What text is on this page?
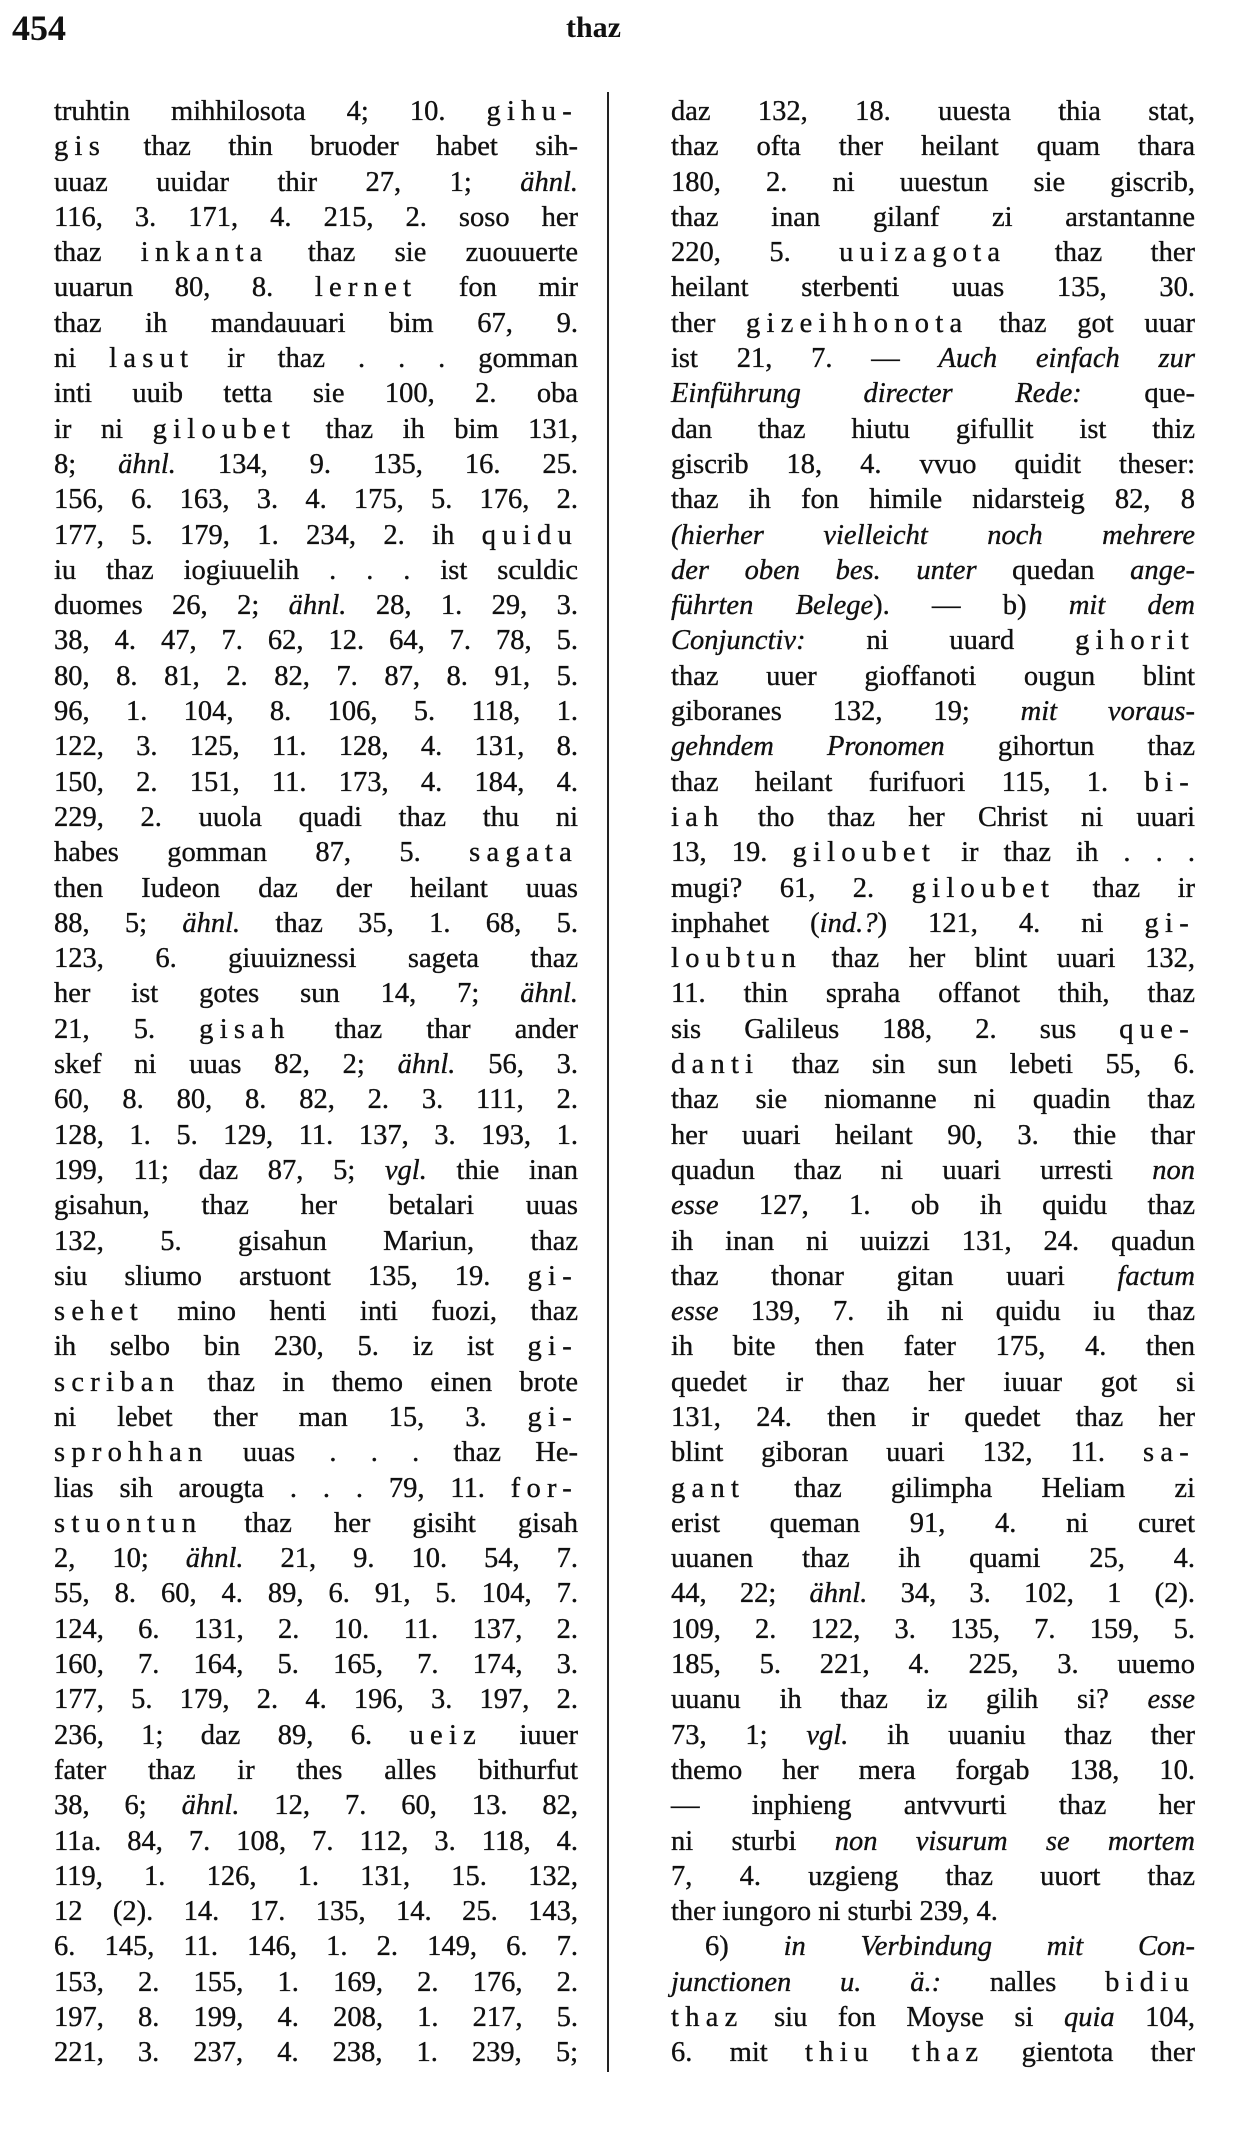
454	thaz
truhtin mihhilosota 4; 10. gihu-
gis thaz thin bruoder habet sih-
uuaz uuidar thir 27, 1; ähnl.
116, 3. 171, 4. 215, 2. soso her
thaz inkanta thaz sie zuouuerte
uuarun 80, 8. lernet fon mir
thaz ih mandauuari bim 67, 9.
ni lasut ir thaz . . . gomman
inti uuib tetta sie 100, 2. oba
ir ni giloubet thaz ih bim 131,
8; ähnl. 134, 9. 135, 16. 25.
156, 6. 163, 3. 4. 175, 5. 176, 2.
177, 5. 179, 1. 234, 2. ih quidu
iu thaz iogiuuelih . . . ist sculdic
duomes 26, 2; ähnl. 28, 1. 29, 3.
38, 4. 47, 7. 62, 12. 64, 7. 78, 5.
80, 8. 81, 2. 82, 7. 87, 8. 91, 5.
96, 1. 104, 8. 106, 5. 118, 1.
122, 3. 125, 11. 128, 4. 131, 8.
150, 2. 151, 11. 173, 4. 184, 4.
229, 2. uuola quadi thaz thu ni
habes gomman 87, 5. sagata
then Iudeon daz der heilant uuas
88, 5; ähnl. thaz 35, 1. 68, 5.
123, 6. giuuiznessi sageta thaz
her ist gotes sun 14, 7; ähnl.
21, 5. gisah thaz thar ander
skef ni uuas 82, 2; ähnl. 56, 3.
60, 8. 80, 8. 82, 2. 3. 111, 2.
128, 1. 5. 129, 11. 137, 3. 193, 1.
199, 11; daz 87, 5; vgl. thie inan
gisahun, thaz her betalari uuas
132, 5. gisahun Mariun, thaz
siu sliumo arstuont 135, 19. gi-
sehet mino henti inti fuozi, thaz
ih selbo bin 230, 5. iz ist gi-
scriban thaz in themo einen brote
ni lebet ther man 15, 3. gi-
sprohhan uuas . . . thaz He-
lias sih arougta . . . 79, 11. for-
stuontun thaz her gisiht gisah
2, 10; ähnl. 21, 9. 10. 54, 7.
55, 8. 60, 4. 89, 6. 91, 5. 104, 7.
124, 6. 131, 2. 10. 11. 137, 2.
160, 7. 164, 5. 165, 7. 174, 3.
177, 5. 179, 2. 4. 196, 3. 197, 2.
236, 1; daz 89, 6. ueiz iuuer
fater thaz ir thes alles bithurfut
38, 6; ähnl. 12, 7. 60, 13. 82,
11a. 84, 7. 108, 7. 112, 3. 118, 4.
119, 1. 126, 1. 131, 15. 132,
12 (2). 14. 17. 135, 14. 25. 143,
6. 145, 11. 146, 1. 2. 149, 6. 7.
153, 2. 155, 1. 169, 2. 176, 2.
197, 8. 199, 4. 208, 1. 217, 5.
221, 3. 237, 4. 238, 1. 239, 5;
daz 132, 18. uuesta thia stat,
thaz ofta ther heilant quam thara
180, 2. ni uuestun sie giscrib,
thaz inan gilanf zi arstantanne
220, 5. uuizagota thaz ther
heilant sterbenti uuas 135, 30.
ther gizeihhonota thaz got uuar
ist 21, 7. — Auch einfach zur
Einführung directer Rede: que-
dan thaz hiutu gifullit ist thiz
giscrib 18, 4. vvuo quidit theser:
thaz ih fon himile nidarsteig 82, 8
(hierher vielleicht noch mehrere
der oben bes. unter quedan ange-
führten Belege). — b) mit dem
Conjunctiv: ni uuard gihorit
thaz uuer gioffanoti ougun blint
giboranes 132, 19; mit voraus-
gehndem Pronomen gihortun thaz
thaz heilant furifuori 115, 1. bi-
iah tho thaz her Christ ni uuari
13, 19. giloubet ir thaz ih . . .
mugi? 61, 2. giloubet thaz ir
inphahet (ind.?) 121, 4. ni gi-
loubtun thaz her blint uuari 132,
11. thin spraha offanot thih, thaz
sis Galileus 188, 2. sus que-
danti thaz sin sun lebeti 55, 6.
thaz sie niomanne ni quadin thaz
her uuari heilant 90, 3. thie thar
quadun thaz ni uuari urresti non
esse 127, 1. ob ih quidu thaz
ih inan ni uuizzi 131, 24. quadun
thaz thonar gitan uuari factum
esse 139, 7. ih ni quidu iu thaz
ih bite then fater 175, 4. then
quedet ir thaz her iuuar got si
131, 24. then ir quedet thaz her
blint giboran uuari 132, 11. sa-
gant thaz gilimpha Heliam zi
erist queman 91, 4. ni curet
uuanen thaz ih quami 25, 4.
44, 22; ähnl. 34, 3. 102, 1 (2).
109, 2. 122, 3. 135, 7. 159, 5.
185, 5. 221, 4. 225, 3. uuemo
uuanu ih thaz iz gilih si? esse
73, 1; vgl. ih uuaniu thaz ther
themo her mera forgab 138, 10.
— inphieng antvvurti thaz her
ni sturbi non visurum se mortem
7, 4. uzgieng thaz uuort thaz
ther iungoro ni sturbi 239, 4.
6) in Verbindung mit Con-
junctionen u. ä.: nalles bidiu
thaz siu fon Moyse si quia 104,
6. mit thiu thaz gientota ther
